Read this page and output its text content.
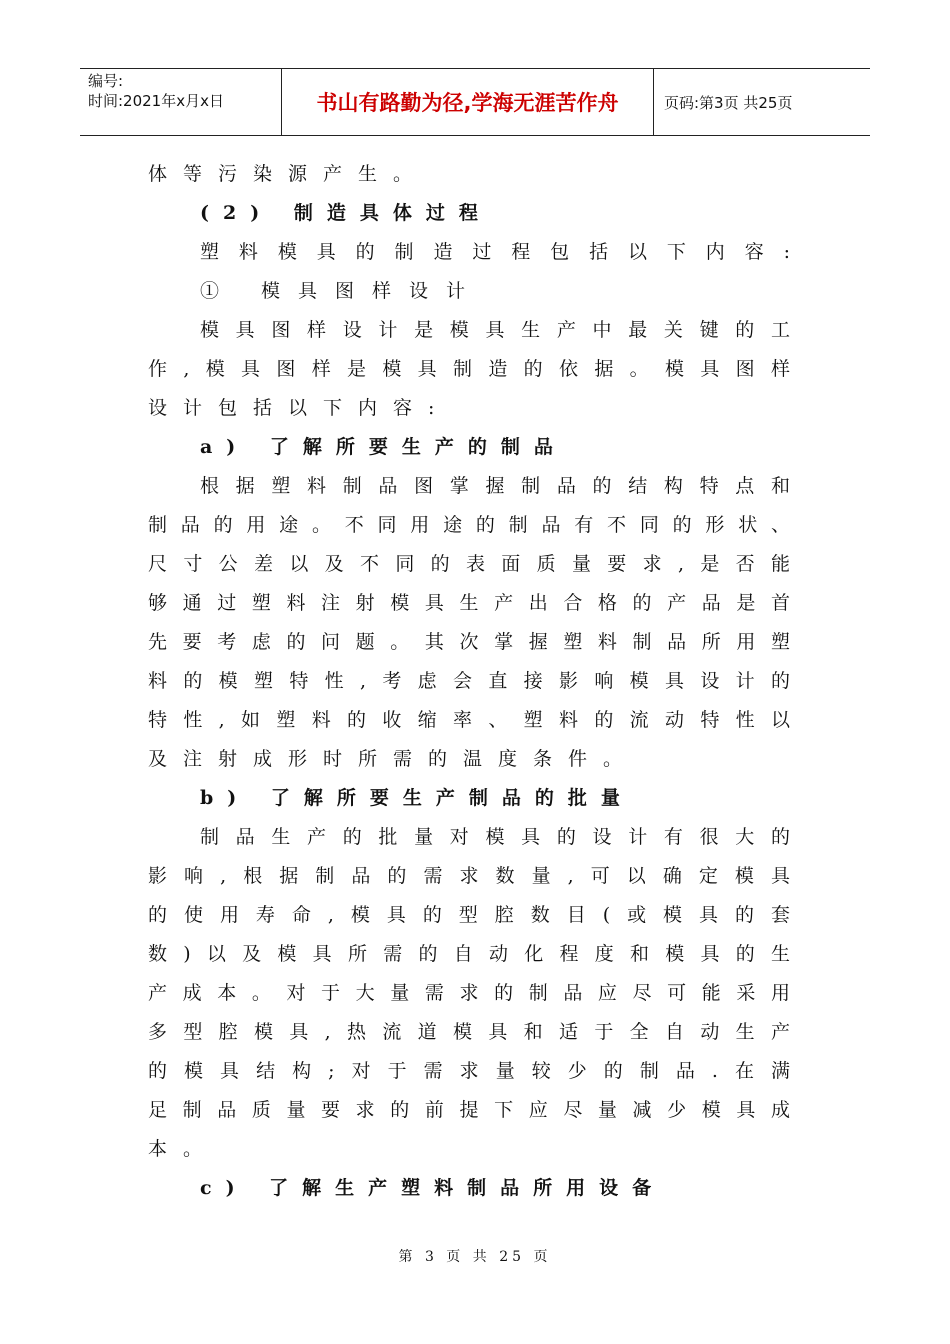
编号:
时间:2021年x月x日	书山有路勤为径,学海无涯苦作舟	页码:第3页 共25页
体等污染源产生。
(2) 制造具体过程
塑料模具的制造过程包括以下内容:
① 模具图样设计
模具图样设计是模具生产中最关键的工
作,模具图样是模具制造的依据。模具图样
设计包括以下内容:
a) 了解所要生产的制品
根据塑料制品图掌握制品的结构特点和
制品的用途。不同用途的制品有不同的形状、
尺寸公差以及不同的表面质量要求,是否能
够通过塑料注射模具生产出合格的产品是首
先要考虑的问题。其次掌握塑料制品所用塑
料的模塑特性,考虑会直接影响模具设计的
特性,如塑料的收缩率、塑料的流动特性以
及注射成形时所需的温度条件。
b) 了解所要生产制品的批量
制品生产的批量对模具的设计有很大的
影响,根据制品的需求数量,可以确定模具
的使用寿命,模具的型腔数目(或模具的套
数)以及模具所需的自动化程度和模具的生
产成本。对于大量需求的制品应尽可能采用
多型腔模具,热流道模具和适于全自动生产
的模具结构;对于需求量较少的制品.在满
足制品质量要求的前提下应尽量减少模具成
本。
c) 了解生产塑料制品所用设备
第 3 页 共 25 页
